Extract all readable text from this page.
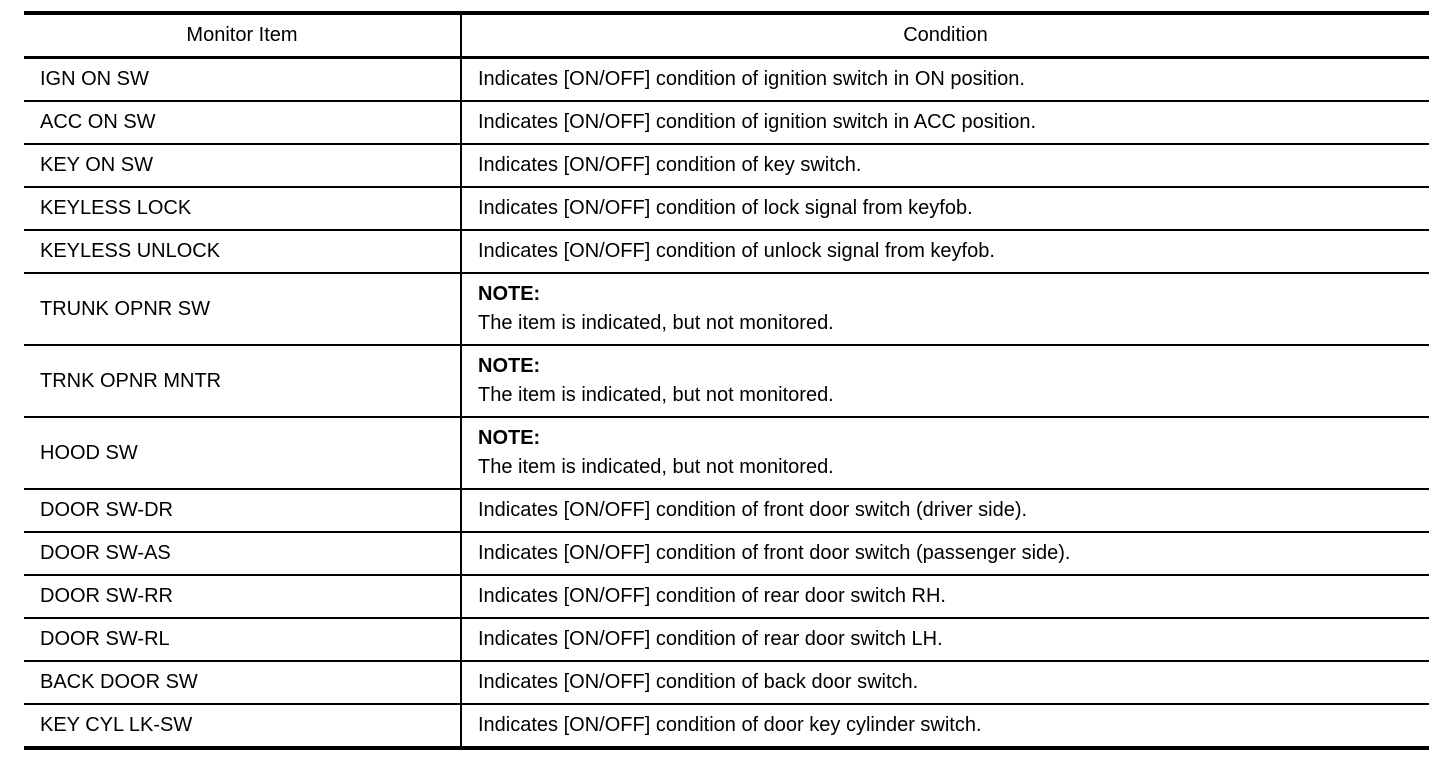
Monitor Item	Condition
IGN ON SW	Indicates [ON/OFF] condition of ignition switch in ON position.
ACC ON SW	Indicates [ON/OFF] condition of ignition switch in ACC position.
KEY ON SW	Indicates [ON/OFF] condition of key switch.
KEYLESS LOCK	Indicates [ON/OFF] condition of lock signal from keyfob.
KEYLESS UNLOCK	Indicates [ON/OFF] condition of unlock signal from keyfob.
TRUNK OPNR SW	NOTE:
The item is indicated, but not monitored.

TRNK OPNR MNTR	NOTE:
The item is indicated, but not monitored.

HOOD SW	NOTE:
The item is indicated, but not monitored.

DOOR SW-DR	Indicates [ON/OFF] condition of front door switch (driver side).
DOOR SW-AS	Indicates [ON/OFF] condition of front door switch (passenger side).
DOOR SW-RR	Indicates [ON/OFF] condition of rear door switch RH.
DOOR SW-RL	Indicates [ON/OFF] condition of rear door switch LH.
BACK DOOR SW	Indicates [ON/OFF] condition of back door switch.
KEY CYL LK-SW	Indicates [ON/OFF] condition of door key cylinder switch.
